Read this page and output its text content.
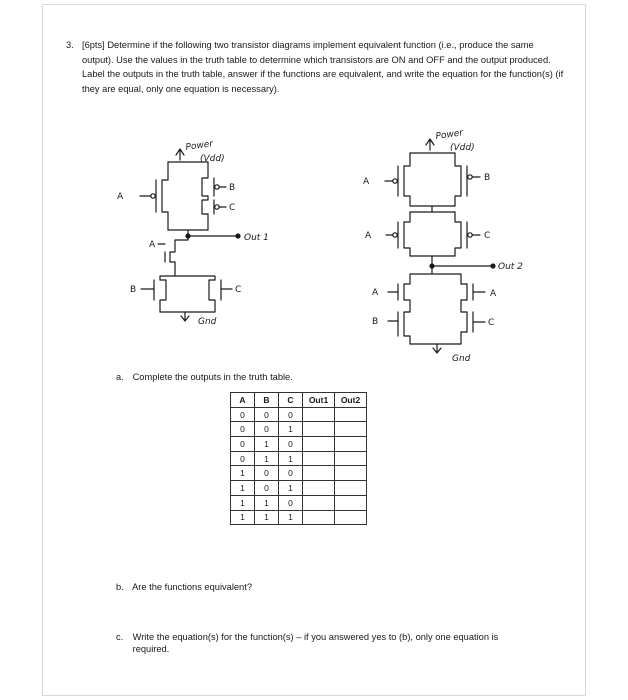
3. [6pts] Determine if the following two transistor diagrams implement equivalent function (i.e., produce the same output). Use the values in the truth table to determine which transistors are ON and OFF and the output produced. Label the outputs in the truth table, answer if the functions are equivalent, and write the equation for the function(s) (if they are equal, only one equation is necessary).
Power
(Vdd)
A
B
C
Out 1
A
B	C
Gnd
Power
(Vdd)
A	B
A	C
Out 2
A
B
A
C
Gnd
a. Complete the outputs in the truth table.
A	B	C	Out1	Out2
0	0	0		
0	0	1		
0	1	0		
0	1	1		
1	0	0		
1	0	1		
1	1	0		
1	1	1		
b. Are the functions equivalent?
c. Write the equation(s) for the function(s) – if you answered yes to (b), only one equation is
required.
